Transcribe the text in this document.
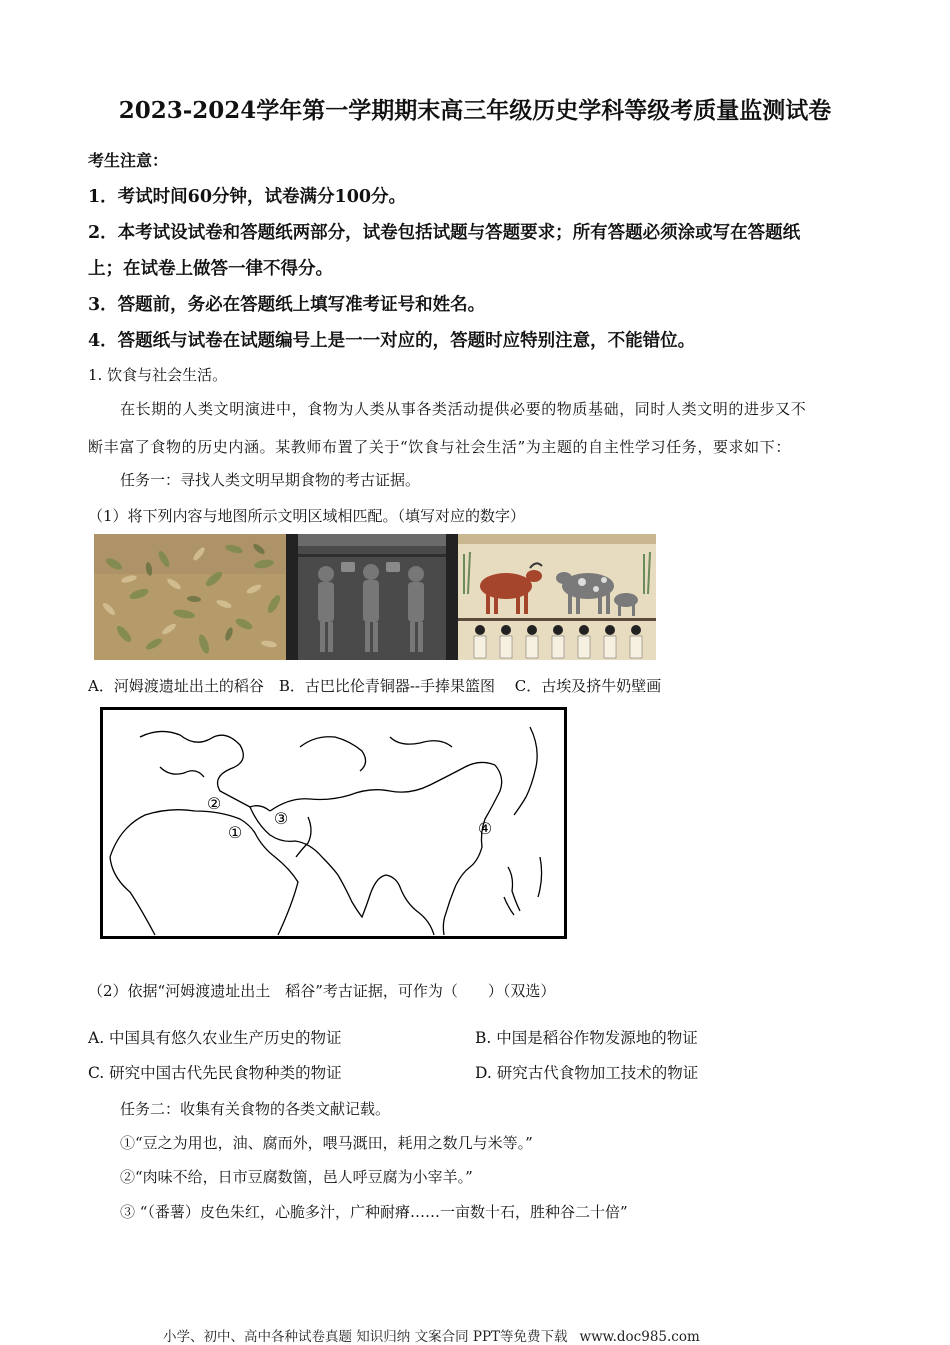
2023-2024学年第一学期期末高三年级历史学科等级考质量监测试卷
考生注意：
1．考试时间60分钟，试卷满分100分。
2．本考试设试卷和答题纸两部分，试卷包括试题与答题要求；所有答题必须涂或写在答题纸
上；在试卷上做答一律不得分。
3．答题前，务必在答题纸上填写准考证号和姓名。
4．答题纸与试卷在试题编号上是一一对应的，答题时应特别注意，不能错位。
1. 饮食与社会生活。
在长期的人类文明演进中，食物为人类从事各类活动提供必要的物质基础，同时人类文明的进步又不
断丰富了食物的历史内涵。某教师布置了关于“饮食与社会生活”为主题的自主性学习任务，要求如下：
任务一：寻找人类文明早期食物的考古证据。
（1）将下列内容与地图所示文明区域相匹配。（填写对应的数字）
A．河姆渡遗址出土的稻谷　B．古巴比伦青铜器--手捧果篮图　 C．古埃及挤牛奶壁画
①
②
③
④
（2）依据“河姆渡遗址出土　稻谷”考古证据，可作为（　　）（双选）
A. 中国具有悠久农业生产历史的物证	B. 中国是稻谷作物发源地的物证
C. 研究中国古代先民食物种类的物证	D. 研究古代食物加工技术的物证
任务二：收集有关食物的各类文献记载。
①“豆之为用也，油、腐而外，喂马溉田，耗用之数几与米等。”
②“肉味不给，日市豆腐数箇，邑人呼豆腐为小宰羊。”
③ “（番薯）皮色朱红，心脆多汁，广种耐瘠……一亩数十石，胜种谷二十倍”
小学、初中、高中各种试卷真题 知识归纳 文案合同 PPT等免费下载 www.doc985.com
